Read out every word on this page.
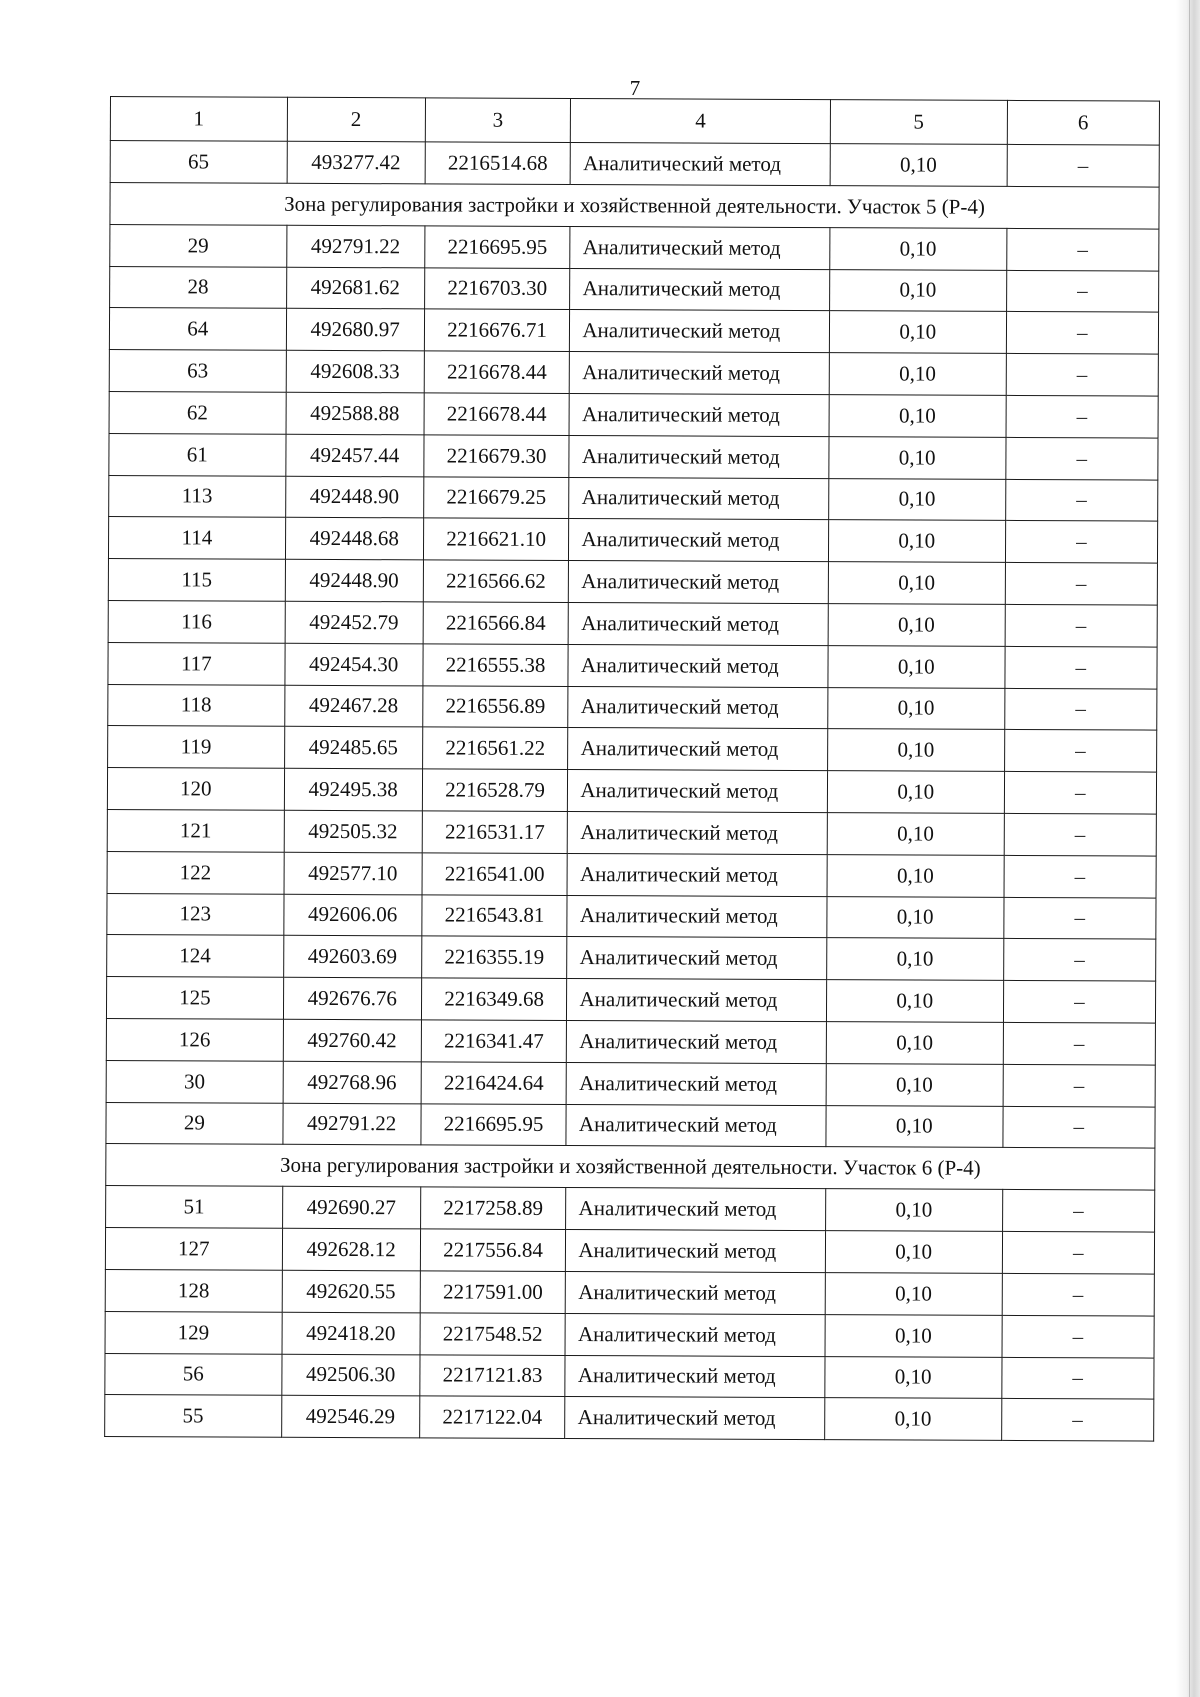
7
1	2	3	4	5	6
65	493277.42	2216514.68	Аналитический метод	0,10	–
Зона регулирования застройки и хозяйственной деятельности. Участок 5 (Р-4)					
29	492791.22	2216695.95	Аналитический метод	0,10	–
28	492681.62	2216703.30	Аналитический метод	0,10	–
64	492680.97	2216676.71	Аналитический метод	0,10	–
63	492608.33	2216678.44	Аналитический метод	0,10	–
62	492588.88	2216678.44	Аналитический метод	0,10	–
61	492457.44	2216679.30	Аналитический метод	0,10	–
113	492448.90	2216679.25	Аналитический метод	0,10	–
114	492448.68	2216621.10	Аналитический метод	0,10	–
115	492448.90	2216566.62	Аналитический метод	0,10	–
116	492452.79	2216566.84	Аналитический метод	0,10	–
117	492454.30	2216555.38	Аналитический метод	0,10	–
118	492467.28	2216556.89	Аналитический метод	0,10	–
119	492485.65	2216561.22	Аналитический метод	0,10	–
120	492495.38	2216528.79	Аналитический метод	0,10	–
121	492505.32	2216531.17	Аналитический метод	0,10	–
122	492577.10	2216541.00	Аналитический метод	0,10	–
123	492606.06	2216543.81	Аналитический метод	0,10	–
124	492603.69	2216355.19	Аналитический метод	0,10	–
125	492676.76	2216349.68	Аналитический метод	0,10	–
126	492760.42	2216341.47	Аналитический метод	0,10	–
30	492768.96	2216424.64	Аналитический метод	0,10	–
29	492791.22	2216695.95	Аналитический метод	0,10	–
Зона регулирования застройки и хозяйственной деятельности. Участок 6 (Р-4)					
51	492690.27	2217258.89	Аналитический метод	0,10	–
127	492628.12	2217556.84	Аналитический метод	0,10	–
128	492620.55	2217591.00	Аналитический метод	0,10	–
129	492418.20	2217548.52	Аналитический метод	0,10	–
56	492506.30	2217121.83	Аналитический метод	0,10	–
55	492546.29	2217122.04	Аналитический метод	0,10	–
